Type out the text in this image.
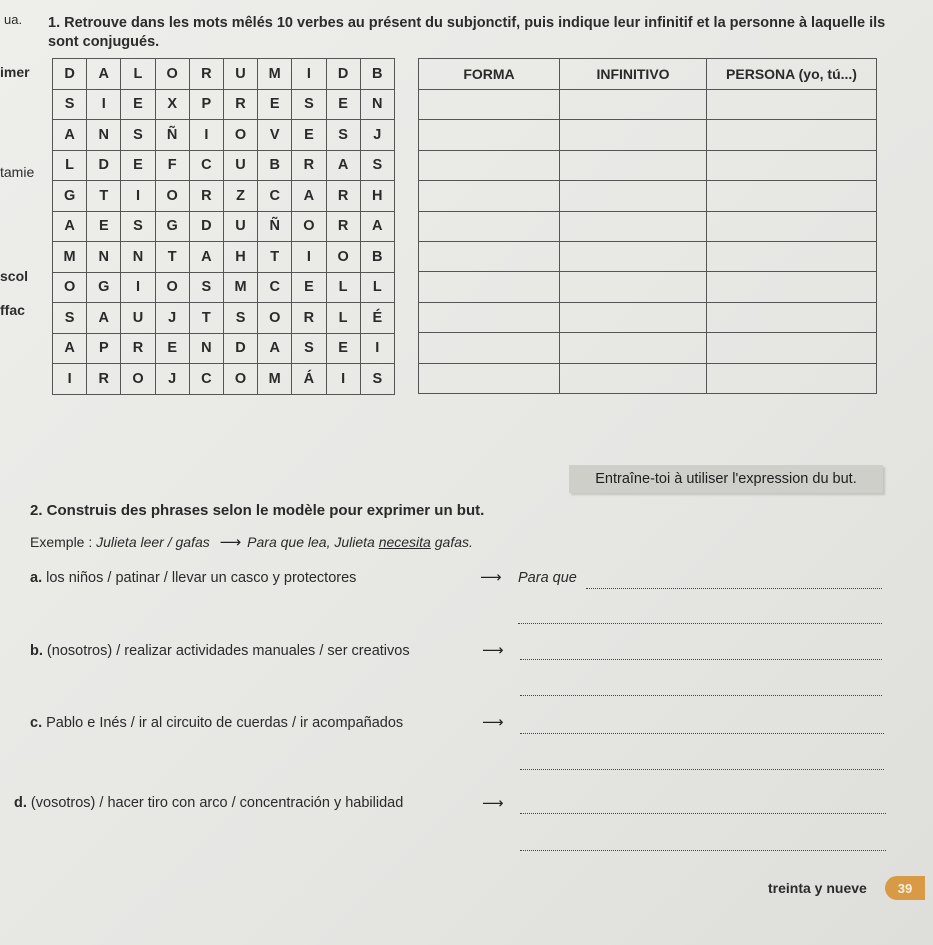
ua. 1. Retrouve dans les mots mêlés 10 verbes au présent du subjonctif, puis indique leur infinitif et la personne à laquelle ils sont conjugués.
imer
tamie
scol
ffac
D	A	L	O	R	U	M	I	D	B
S	I	E	X	P	R	E	S	E	N
A	N	S	Ñ	I	O	V	E	S	J
L	D	E	F	C	U	B	R	A	S
G	T	I	O	R	Z	C	A	R	H
A	E	S	G	D	U	Ñ	O	R	A
M	N	N	T	A	H	T	I	O	B
O	G	I	O	S	M	C	E	L	L
S	A	U	J	T	S	O	R	L	É
A	P	R	E	N	D	A	S	E	I
I	R	O	J	C	O	M	Á	I	S
FORMA	INFINITIVO	PERSONA (yo, tú...)

Entraîne-toi à utiliser l'expression du but.
2. Construis des phrases selon le modèle pour exprimer un but.
Exemple : Julieta leer / gafas ⟶ Para que lea, Julieta necesita gafas.
a. los niños / patinar / llevar un casco y protectores	⟶ Para que
b. (nosotros) / realizar actividades manuales / ser creativos	⟶
c. Pablo e Inés / ir al circuito de cuerdas / ir acompañados	⟶
d. (vosotros) / hacer tiro con arco / concentración y habilidad	⟶
treinta y nueve	39
